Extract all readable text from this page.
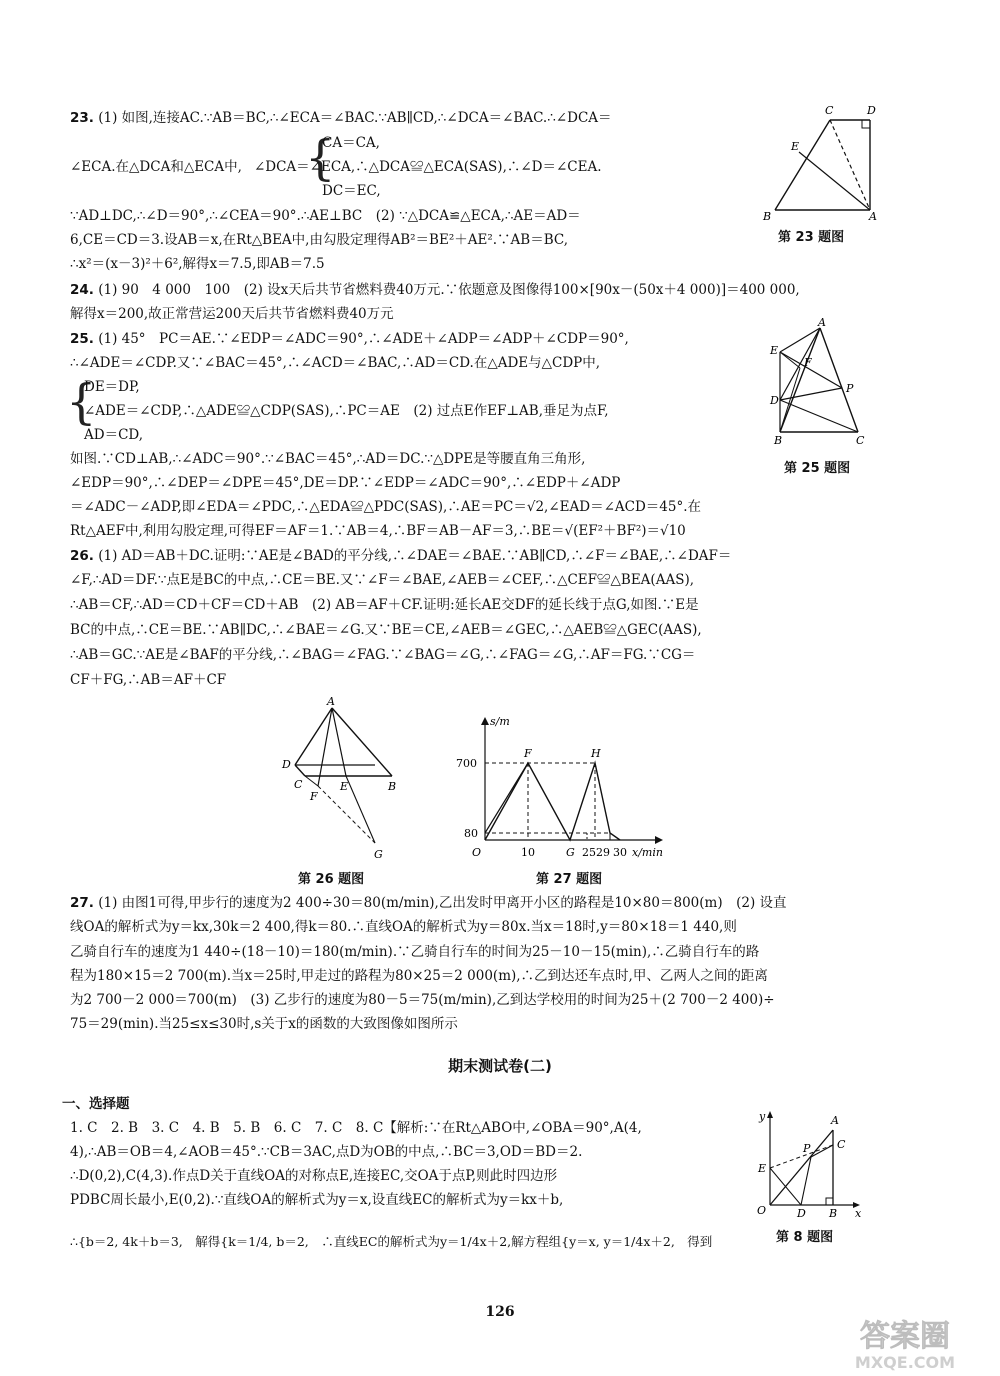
23. (1) 如图,连接AC.∵AB＝BC,∴∠ECA＝∠BAC.∵AB∥CD,∴∠DCA＝∠BAC.∴∠DCA＝
{
CA＝CA,
∠ECA.在△DCA和△ECA中, ∠DCA＝∠ECA,∴△DCA≌△ECA(SAS),∴∠D＝∠CEA.
DC＝EC,
∵AD⊥DC,∴∠D＝90°,∴∠CEA＝90°.∴AE⊥BC　(2) ∵△DCA≌△ECA,∴AE＝AD＝
6,CE＝CD＝3.设AB＝x,在Rt△BEA中,由勾股定理得AB²＝BE²＋AE².∵AB＝BC,
∴x²＝(x－3)²＋6²,解得x＝7.5,即AB＝7.5
C	D
E
B	A
第 23 题图
24. (1) 90　4 000　100　(2) 设x天后共节省燃料费40万元.∵依题意及图像得100×[90x－(50x＋4 000)]＝400 000,
解得x＝200,故正常营运200天后共节省燃料费40万元
25. (1) 45°　PC＝AE.∵∠EDP＝∠ADC＝90°,∴∠ADE＋∠ADP＝∠ADP＋∠CDP＝90°,
∴∠ADE＝∠CDP.又∵∠BAC＝45°,∴∠ACD＝∠BAC,∴AD＝CD.在△ADE与△CDP中,
{
DE＝DP,
∠ADE＝∠CDP,∴△ADE≌△CDP(SAS),∴PC＝AE　(2) 过点E作EF⊥AB,垂足为点F,
AD＝CD,
如图.∵CD⊥AB,∴∠ADC＝90°.∵∠BAC＝45°,∴AD＝DC.∵△DPE是等腰直角三角形,
∠EDP＝90°,∴∠DEP＝∠DPE＝45°,DE＝DP.∵∠EDP＝∠ADC＝90°,∴∠EDP＋∠ADP
＝∠ADC－∠ADP,即∠EDA＝∠PDC,∴△EDA≌△PDC(SAS),∴AE＝PC＝√2,∠EAD＝∠ACD＝45°.在
Rt△AEF中,利用勾股定理,可得EF＝AF＝1.∵AB＝4,∴BF＝AB－AF＝3,∴BE＝√(EF²＋BF²)＝√10
A
E
F
P
D
B	C
第 25 题图
26. (1) AD＝AB＋DC.证明:∵AE是∠BAD的平分线,∴∠DAE＝∠BAE.∵AB∥CD,∴∠F＝∠BAE,∴∠DAF＝
∠F,∴AD＝DF.∵点E是BC的中点,∴CE＝BE.又∵∠F＝∠BAE,∠AEB＝∠CEF,∴△CEF≌△BEA(AAS),
∴AB＝CF,∴AD＝CD＋CF＝CD＋AB　(2) AB＝AF＋CF.证明:延长AE交DF的延长线于点G,如图.∵E是
BC的中点,∴CE＝BE.∵AB∥DC,∴∠BAE＝∠G.又∵BE＝CE,∠AEB＝∠GEC,∴△AEB≌△GEC(AAS),
∴AB＝GC.∵AE是∠BAF的平分线,∴∠BAG＝∠FAG.∵∠BAG＝∠G,∴∠FAG＝∠G,∴AF＝FG.∵CG＝
CF＋FG,∴AB＝AF＋CF
A
D
C
F
E	B
G
第 26 题图
s/m
F	H
700
80
O	10	G 2529 30 x/min
第 27 题图
27. (1) 由图1可得,甲步行的速度为2 400÷30＝80(m/min),乙出发时甲离开小区的路程是10×80＝800(m)　(2) 设直
线OA的解析式为y＝kx,30k＝2 400,得k＝80.∴直线OA的解析式为y＝80x.当x＝18时,y＝80×18＝1 440,则
乙骑自行车的速度为1 440÷(18－10)＝180(m/min).∵乙骑自行车的时间为25－10－15(min),∴乙骑自行车的路
程为180×15＝2 700(m).当x＝25时,甲走过的路程为80×25＝2 000(m),∴乙到达还车点时,甲、乙两人之间的距离
为2 700－2 000＝700(m)　(3) 乙步行的速度为80－5＝75(m/min),乙到达学校用的时间为25＋(2 700－2 400)÷
75＝29(min).当25≤x≤30时,s关于x的函数的大致图像如图所示
期末测试卷(二)
一、选择题
1. C　2. B　3. C　4. B　5. B　6. C　7. C　8. C【解析:∵在Rt△ABO中,∠OBA＝90°,A(4,
4),∴AB＝OB＝4,∠AOB＝45°.∵CB＝3AC,点D为OB的中点,∴BC＝3,OD＝BD＝2.
∴D(0,2),C(4,3).作点D关于直线OA的对称点E,连接EC,交OA于点P,则此时四边形
PDBC周长最小,E(0,2).∵直线OA的解析式为y＝x,设直线EC的解析式为y＝kx＋b,
∴{b＝2, 4k＋b＝3,　解得{k＝1/4, b＝2,　∴直线EC的解析式为y＝1/4x＋2,解方程组{y＝x, y＝1/4x＋2,　得到
y	A
P C
E
O	D B x
第 8 题图
126
答案圈
MXQE.COM
